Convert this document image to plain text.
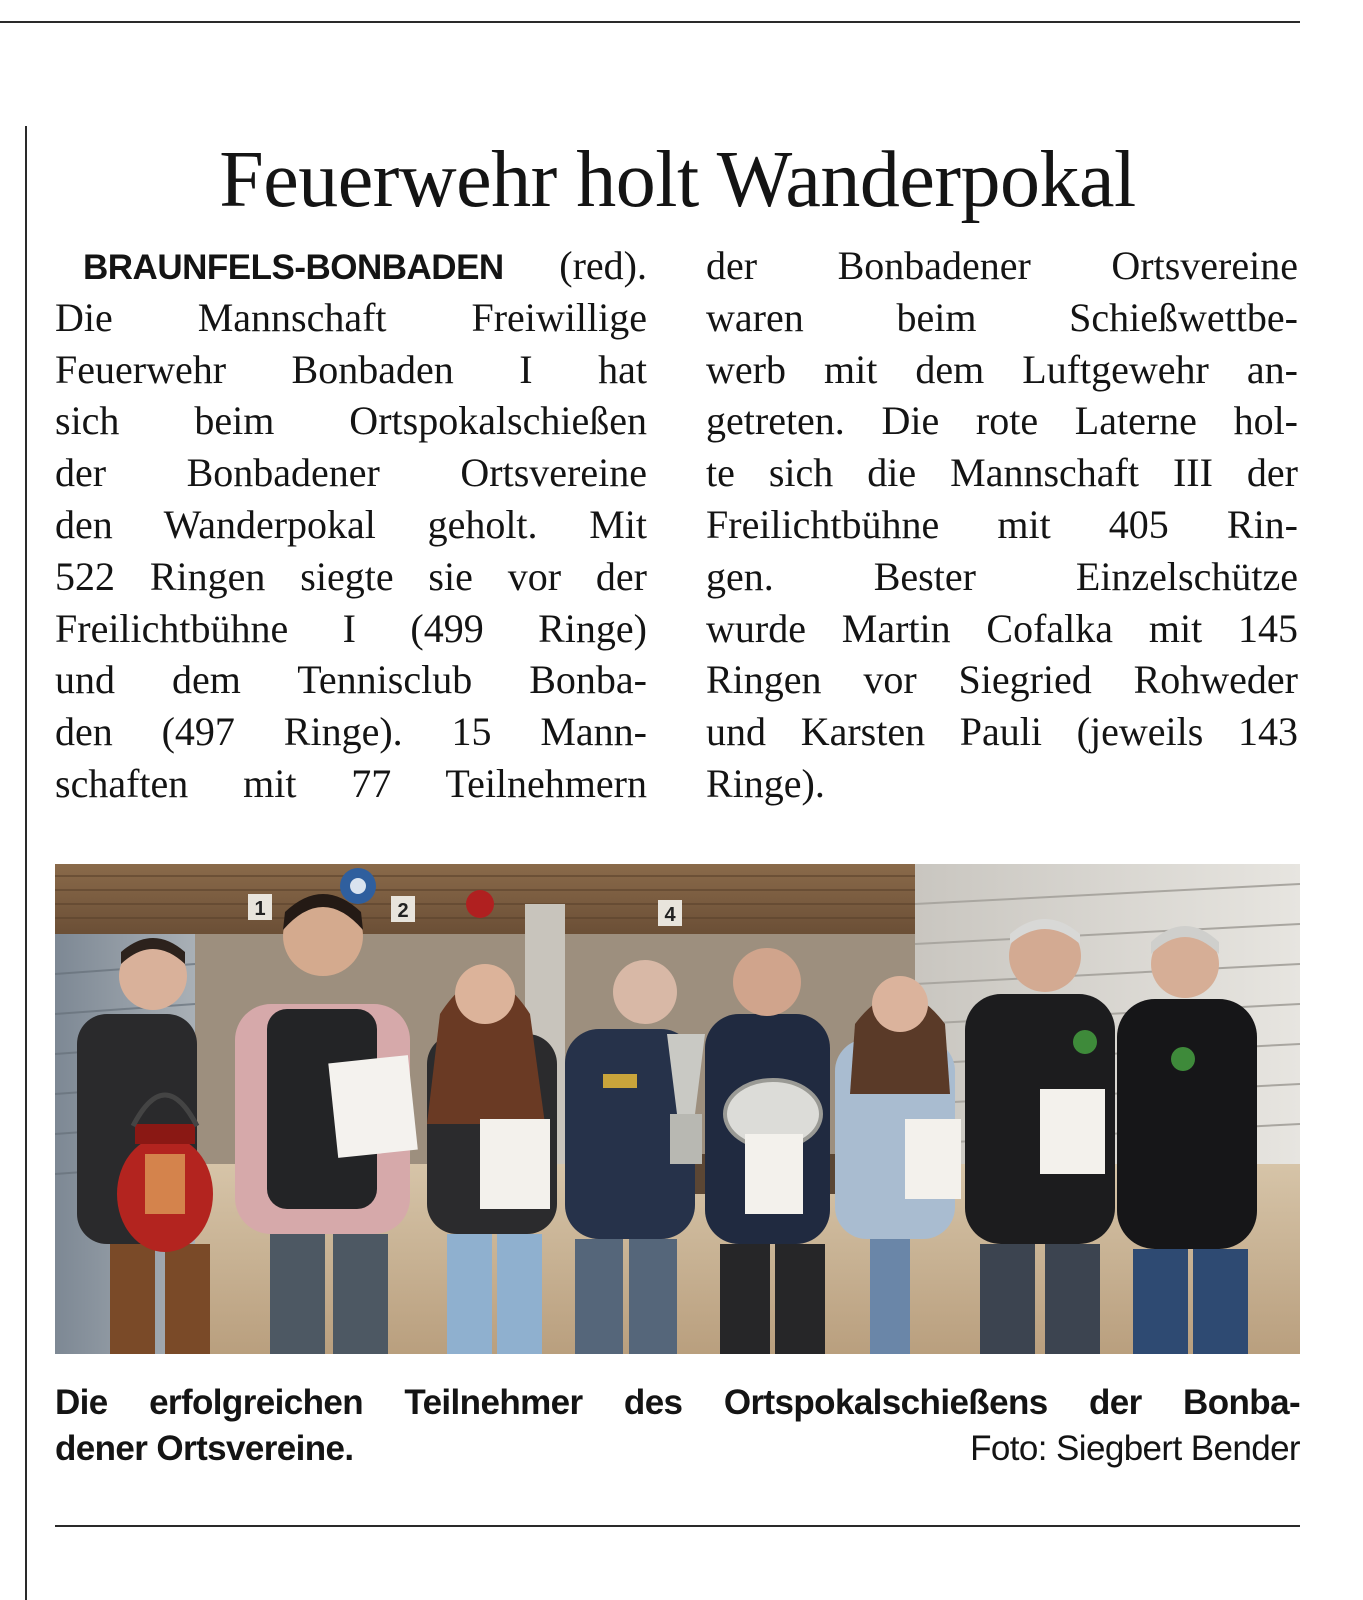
Feuerwehr holt Wanderpokal
BRAUNFELS-BONBADEN (red).
Die Mannschaft Freiwillige
Feuerwehr Bonbaden I hat
sich beim Ortspokalschießen
der Bonbadener Ortsvereine
den Wanderpokal geholt. Mit
522 Ringen siegte sie vor der
Freilichtbühne I (499 Ringe)
und dem Tennisclub Bonba-
den (497 Ringe). 15 Mann-
schaften mit 77 Teilnehmern
der Bonbadener Ortsvereine
waren beim Schießwettbe-
werb mit dem Luftgewehr an-
getreten. Die rote Laterne hol-
te sich die Mannschaft III der
Freilichtbühne mit 405 Rin-
gen. Bester Einzelschütze
wurde Martin Cofalka mit 145
Ringen vor Siegried Rohweder
und Karsten Pauli (jeweils 143
Ringe).
1	2	4
Die erfolgreichen Teilnehmer des Ortspokalschießens der Bonba-
dener Ortsvereine.	Foto: Siegbert Bender
